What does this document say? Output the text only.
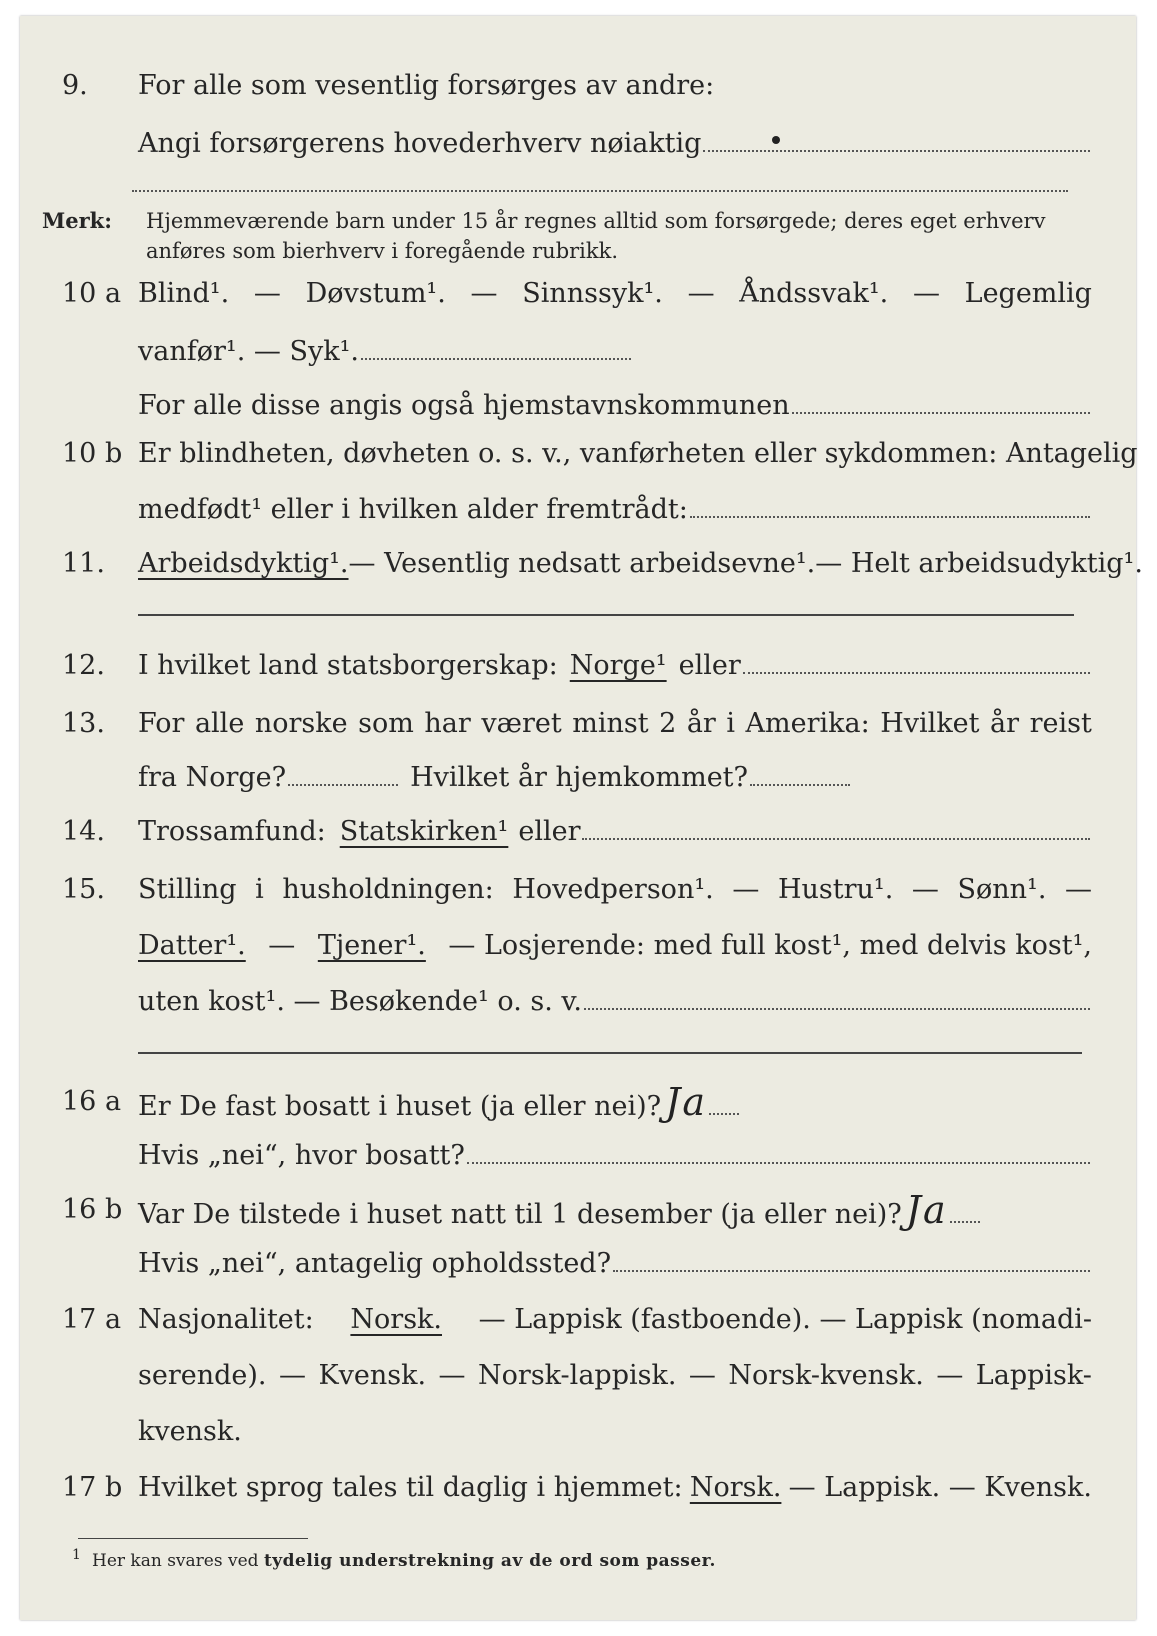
9. For alle som vesentlig forsørges av andre:
Angi forsørgerens hovederhverv nøiaktig
Merk: Hjemmeværende barn under 15 år regnes alltid som forsørgede; deres eget erhverv
anføres som bierhverv i foregående rubrikk.
10 a Blind¹. — Døvstum¹. — Sinnssyk¹. — Åndssvak¹. — Legemlig
vanfør¹. — Syk¹.
For alle disse angis også hjemstavnskommunen
10 b Er blindheten, døvheten o. s. v., vanførheten eller sykdommen: Antagelig
medfødt¹ eller i hvilken alder fremtrådt:
11. Arbeidsdyktig¹. — Vesentlig nedsatt arbeidsevne¹. — Helt arbeidsudyktig¹.
12. I hvilket land statsborgerskap: Norge¹ eller
13. For alle norske som har været minst 2 år i Amerika: Hvilket år reist
fra Norge?	Hvilket år hjemkommet?
14. Trossamfund: Statskirken¹ eller
15. Stilling i husholdningen: Hovedperson¹. — Hustru¹. — Sønn¹. —
Datter¹. — Tjener¹. — Losjerende: med full kost¹, med delvis kost¹,
uten kost¹. — Besøkende¹ o. s. v.
16 a Er De fast bosatt i huset (ja eller nei)? Ja
Hvis „nei“, hvor bosatt?
16 b Var De tilstede i huset natt til 1 desember (ja eller nei)? Ja
Hvis „nei“, antagelig opholdssted?
17 a Nasjonalitet: Norsk. — Lappisk (fastboende). — Lappisk (nomadi-
serende). — Kvensk. — Norsk-lappisk. — Norsk-kvensk. — Lappisk-
kvensk.
17 b Hvilket sprog tales til daglig i hjemmet: Norsk. — Lappisk. — Kvensk.
1 Her kan svares ved tydelig understrekning av de ord som passer.
